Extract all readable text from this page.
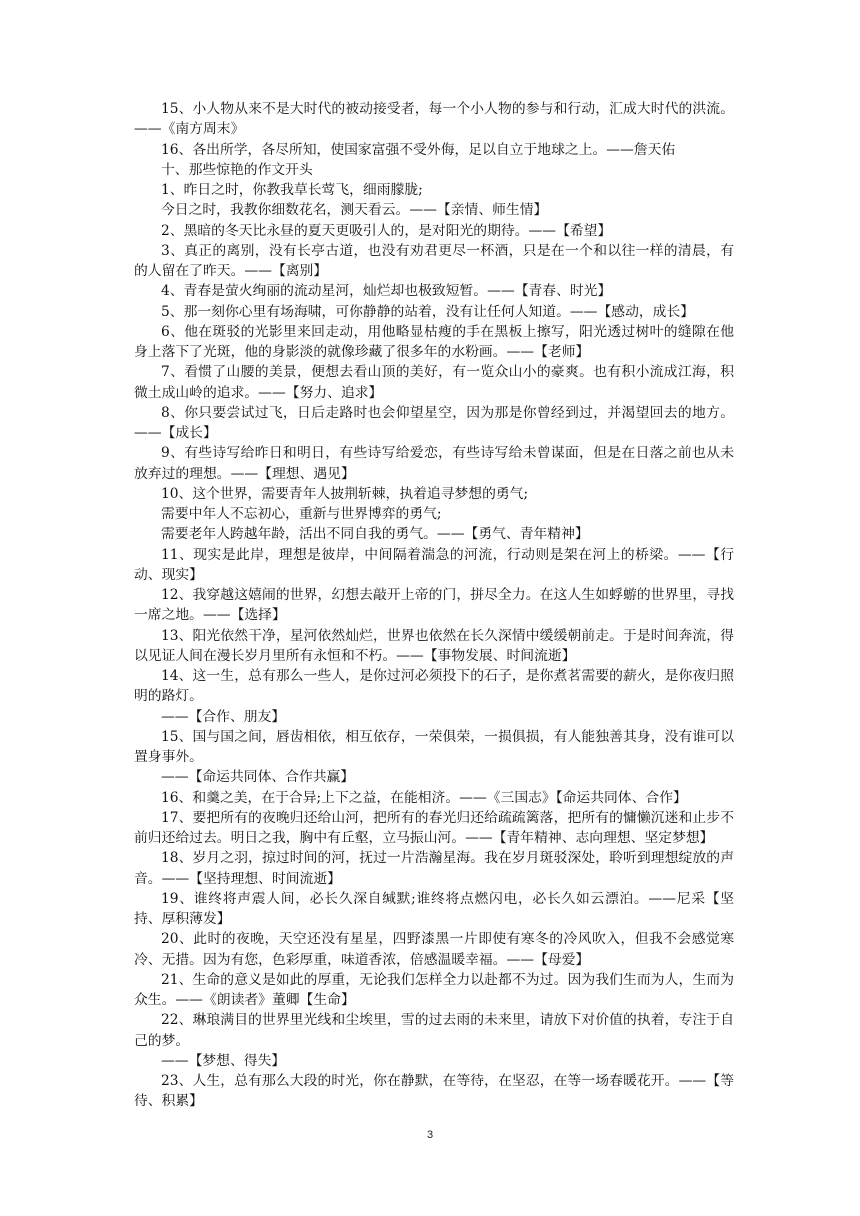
15、小人物从来不是大时代的被动接受者，每一个小人物的参与和行动，汇成大时代的洪流。——《南方周末》

16、各出所学，各尽所知，使国家富强不受外侮，足以自立于地球之上。——詹天佑

十、那些惊艳的作文开头

1、昨日之时，你教我草长莺飞，细雨朦胧;

今日之时，我教你细数花名，测天看云。——【亲情、师生情】

2、黑暗的冬天比永昼的夏天更吸引人的，是对阳光的期待。——【希望】

3、真正的离别，没有长亭古道，也没有劝君更尽一杯酒，只是在一个和以往一样的清晨，有的人留在了昨天。——【离别】

4、青春是萤火绚丽的流动星河，灿烂却也极致短暂。——【青春、时光】

5、那一刻你心里有场海啸，可你静静的站着，没有让任何人知道。——【感动，成长】

6、他在斑驳的光影里来回走动，用他略显枯瘦的手在黑板上擦写，阳光透过树叶的缝隙在他身上落下了光斑，他的身影淡的就像珍藏了很多年的水粉画。——【老师】

7、看惯了山腰的美景，便想去看山顶的美好，有一览众山小的豪爽。也有积小流成江海，积微土成山岭的追求。——【努力、追求】

8、你只要尝试过飞，日后走路时也会仰望星空，因为那是你曾经到过，并渴望回去的地方。——【成长】

9、有些诗写给昨日和明日，有些诗写给爱恋，有些诗写给未曾谋面，但是在日落之前也从未放弃过的理想。——【理想、遇见】

10、这个世界，需要青年人披荆斩棘，执着追寻梦想的勇气;

需要中年人不忘初心，重新与世界博弈的勇气;

需要老年人跨越年龄，活出不同自我的勇气。——【勇气、青年精神】

11、现实是此岸，理想是彼岸，中间隔着湍急的河流，行动则是架在河上的桥梁。——【行动、现实】

12、我穿越这嬉闹的世界，幻想去敲开上帝的门，拼尽全力。在这人生如蜉蝣的世界里，寻找一席之地。——【选择】

13、阳光依然干净，星河依然灿烂，世界也依然在长久深情中缓缓朝前走。于是时间奔流，得以见证人间在漫长岁月里所有永恒和不朽。——【事物发展、时间流逝】

14、这一生，总有那么一些人，是你过河必须投下的石子，是你煮茗需要的薪火，是你夜归照明的路灯。

——【合作、朋友】

15、国与国之间，唇齿相依，相互依存，一荣俱荣，一损俱损，有人能独善其身，没有谁可以置身事外。

——【命运共同体、合作共赢】

16、和羹之美，在于合异;上下之益，在能相济。——《三国志》【命运共同体、合作】

17、要把所有的夜晚归还给山河，把所有的春光归还给疏疏篱落，把所有的慵懒沉迷和止步不前归还给过去。明日之我，胸中有丘壑，立马振山河。——【青年精神、志向理想、坚定梦想】

18、岁月之羽，掠过时间的河，抚过一片浩瀚星海。我在岁月斑驳深处，聆听到理想绽放的声音。——【坚持理想、时间流逝】

19、谁终将声震人间，必长久深自缄默;谁终将点燃闪电，必长久如云漂泊。——尼采【坚持、厚积薄发】

20、此时的夜晚，天空还没有星星，四野漆黑一片即使有寒冬的冷风吹入，但我不会感觉寒冷、无措。因为有您，色彩厚重，味道香浓，倍感温暖幸福。——【母爱】

21、生命的意义是如此的厚重，无论我们怎样全力以赴都不为过。因为我们生而为人，生而为众生。——《朗读者》董卿【生命】

22、琳琅满目的世界里光线和尘埃里，雪的过去雨的未来里，请放下对价值的执着，专注于自己的梦。

——【梦想、得失】

23、人生，总有那么大段的时光，你在静默，在等待，在坚忍，在等一场春暖花开。——【等待、积累】

3
